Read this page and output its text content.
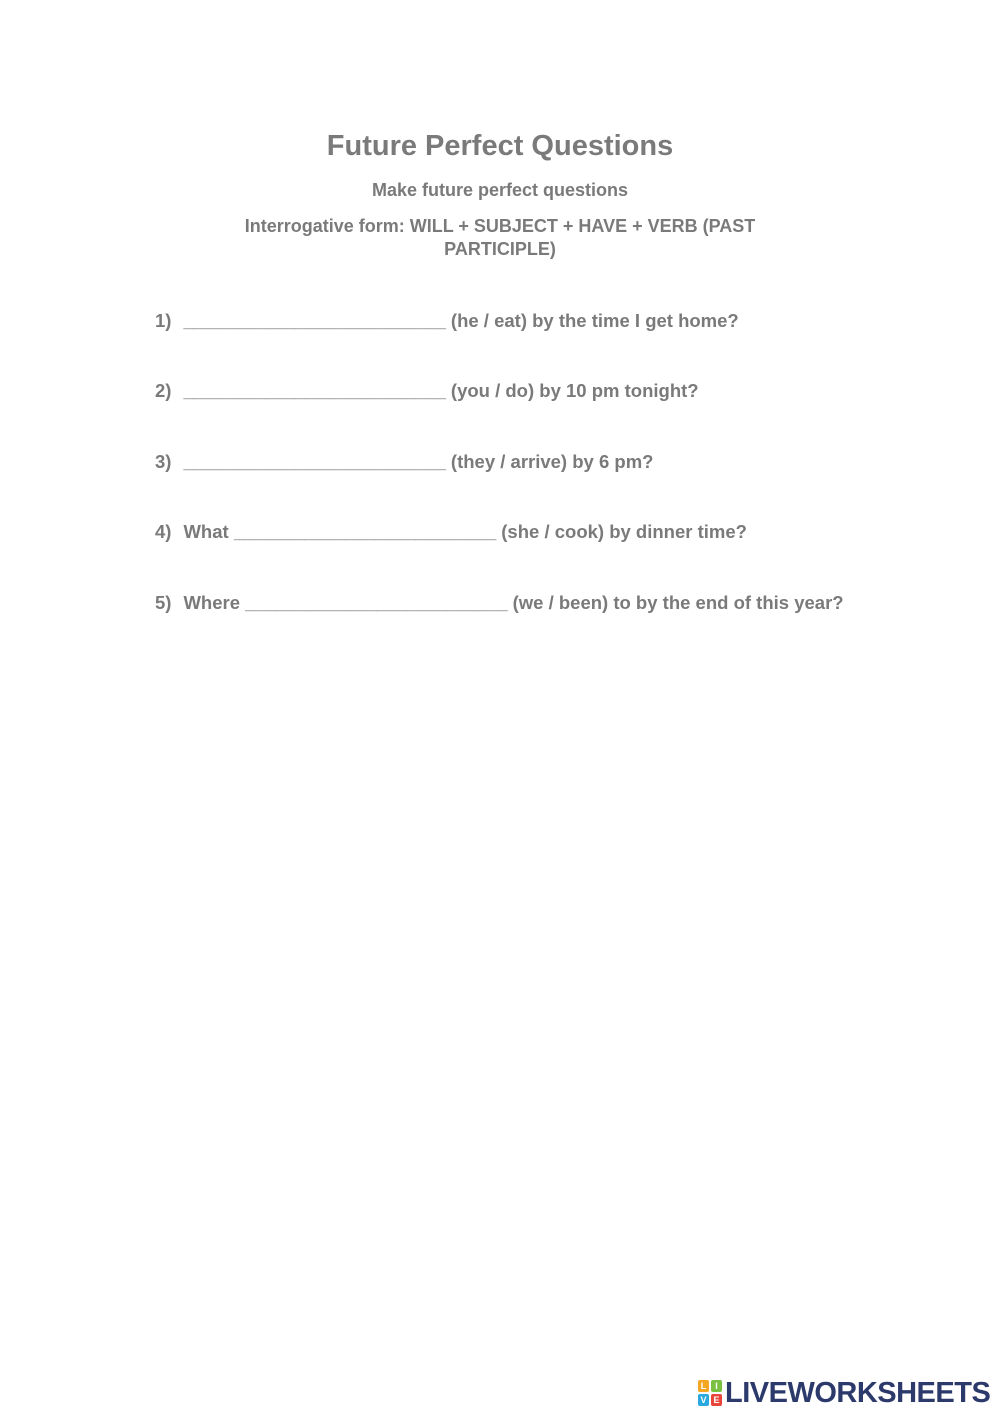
Future Perfect Questions
Make future perfect questions
Interrogative form: WILL + SUBJECT + HAVE + VERB (PAST PARTICIPLE)
1) __________________________ (he / eat) by the time I get home?
2) __________________________ (you / do) by 10 pm tonight?
3) __________________________ (they / arrive) by 6 pm?
4) What __________________________ (she / cook) by dinner time?
5) Where __________________________ (we / been) to by the end of this year?
L I
V E LIVEWORKSHEETS
